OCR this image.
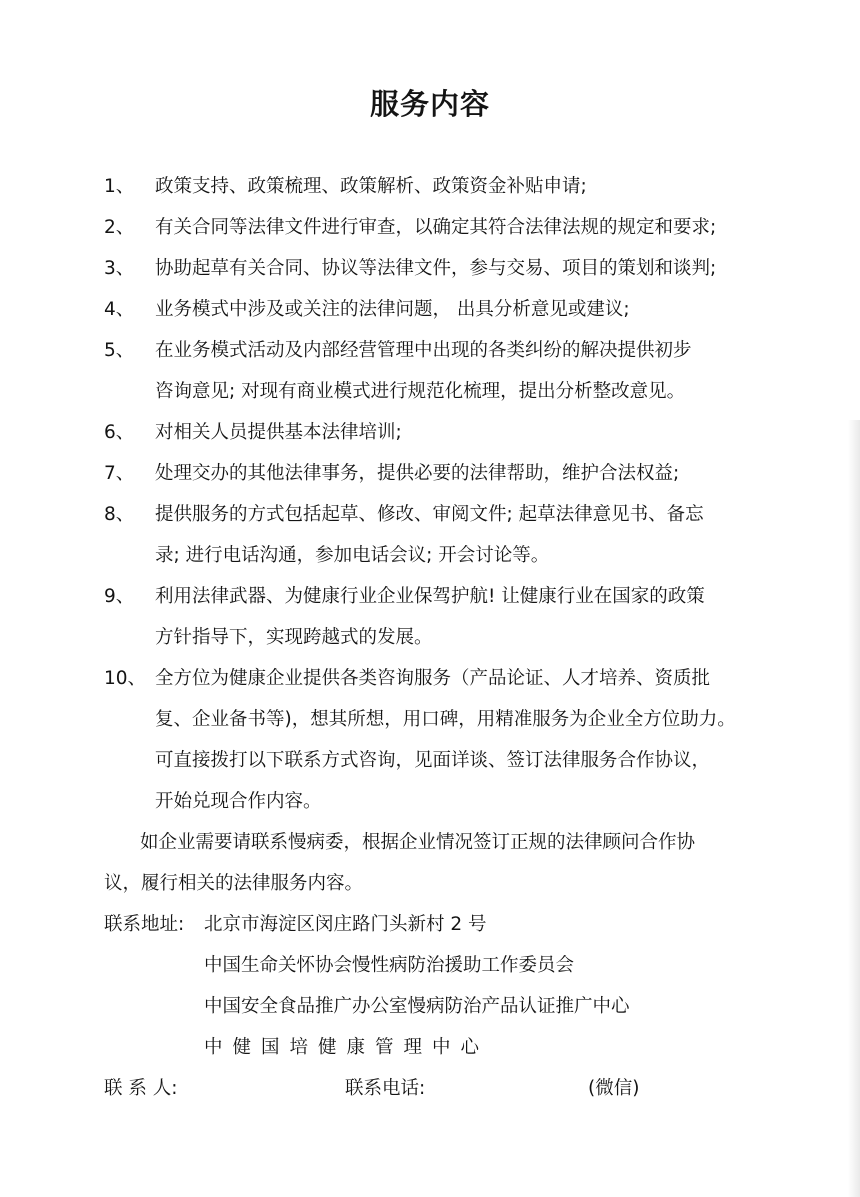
服务内容
1、 政策支持、政策梳理、政策解析、政策资金补贴申请;
2、 有关合同等法律文件进行审查，以确定其符合法律法规的规定和要求;
3、 协助起草有关合同、协议等法律文件，参与交易、项目的策划和谈判;
4、 业务模式中涉及或关注的法律问题， 出具分析意见或建议;
5、 在业务模式活动及内部经营管理中出现的各类纠纷的解决提供初步
咨询意见; 对现有商业模式进行规范化梳理，提出分析整改意见。
6、 对相关人员提供基本法律培训;
7、 处理交办的其他法律事务，提供必要的法律帮助，维护合法权益;
8、 提供服务的方式包括起草、修改、审阅文件; 起草法律意见书、备忘
录; 进行电话沟通，参加电话会议; 开会讨论等。
9、 利用法律武器、为健康行业企业保驾护航! 让健康行业在国家的政策
方针指导下，实现跨越式的发展。
10、 全方位为健康企业提供各类咨询服务（产品论证、人才培养、资质批
复、企业备书等)，想其所想，用口碑，用精准服务为企业全方位助力。
可直接拨打以下联系方式咨询，见面详谈、签订法律服务合作协议，
开始兑现合作内容。
如企业需要请联系慢病委，根据企业情况签订正规的法律顾问合作协
议，履行相关的法律服务内容。
联系地址: 北京市海淀区闵庄路门头新村 2 号
中国生命关怀协会慢性病防治援助工作委员会
中国安全食品推广办公室慢病防治产品认证推广中心
中健国培健康管理中心
联 系 人:	联系电话:	(微信)
